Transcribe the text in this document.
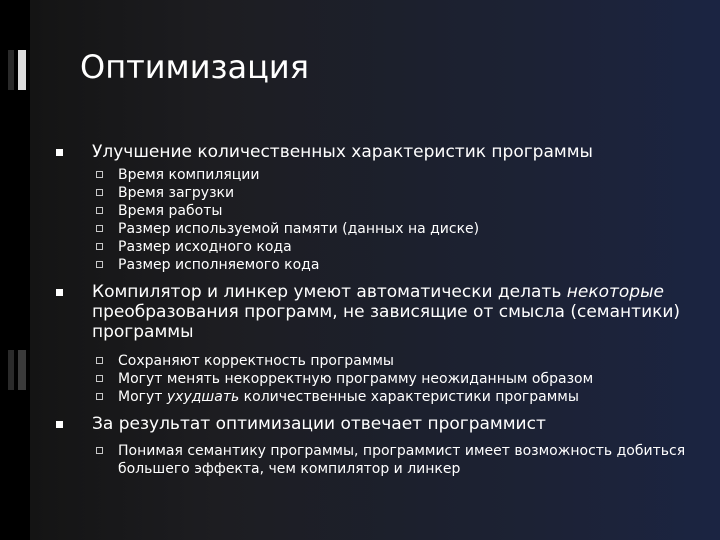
Оптимизация
Улучшение количественных характеристик программы
Время компиляции
Время загрузки
Время работы
Размер используемой памяти (данных на диске)
Размер исходного кода
Размер исполняемого кода
Компилятор и линкер умеют автоматически делать некоторые преобразования программ, не зависящие от смысла (семантики) программы
Сохраняют корректность программы
Могут менять некорректную программу неожиданным образом
Могут ухудшать количественные характеристики программы
За результат оптимизации отвечает программист
Понимая семантику программы, программист имеет возможность добиться большего эффекта, чем компилятор и линкер
